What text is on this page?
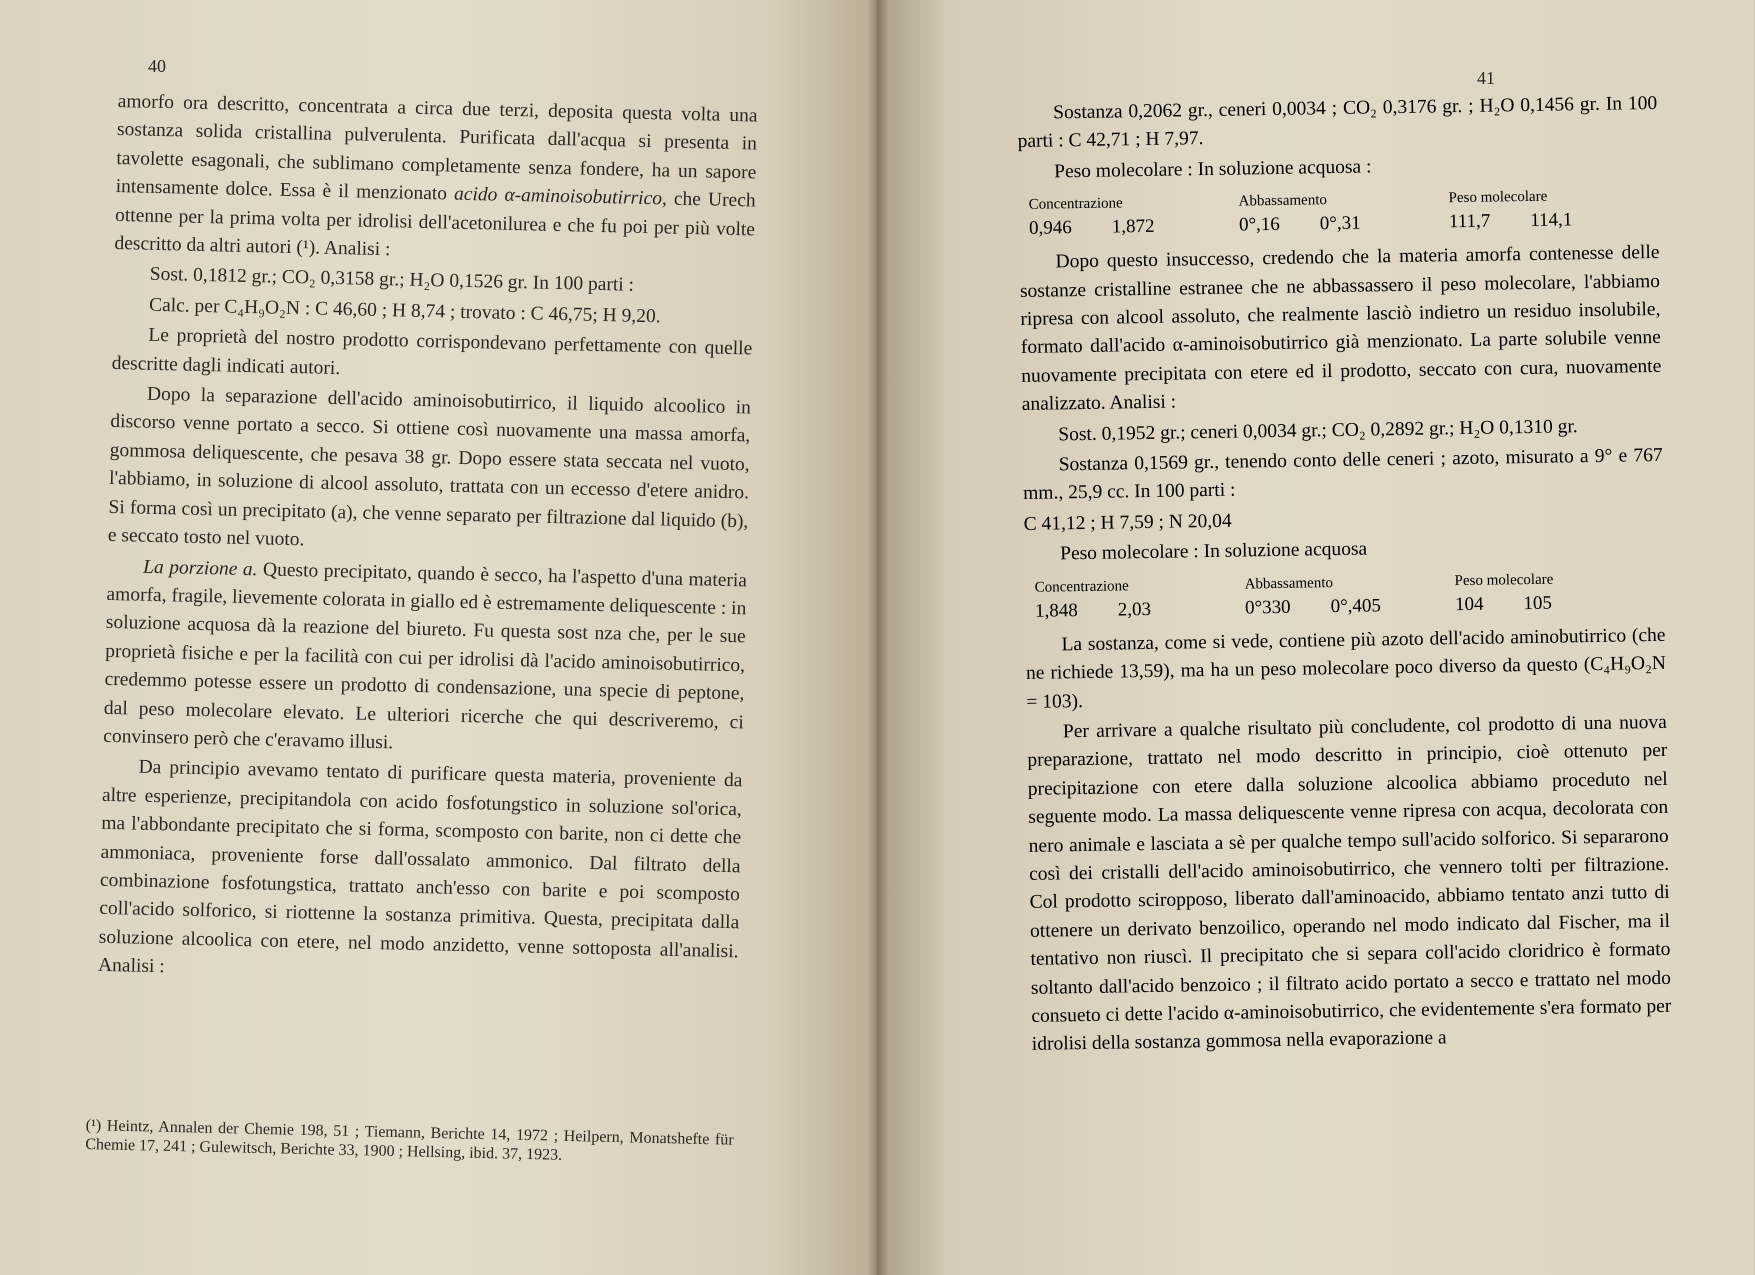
40

amorfo ora descritto, concentrata a circa due terzi, deposita questa volta una sostanza solida cristallina pulverulenta. Purificata dall'acqua si presenta in tavolette esagonali, che sublimano completamente senza fondere, ha un sapore intensamente dolce. Essa è il menzionato acido α-aminoisobutirrico, che Urech ottenne per la prima volta per idrolisi dell'acetonilurea e che fu poi per più volte descritto da altri autori (¹). Analisi :

Sost. 0,1812 gr.; CO₂ 0,3158 gr.; H₂O 0,1526 gr. In 100 parti :

Calc. per C₄H₉O₂N : C 46,60 ; H 8,74 ; trovato : C 46,75; H 9,20.

Le proprietà del nostro prodotto corrispondevano perfettamente con quelle descritte dagli indicati autori.

Dopo la separazione dell'acido aminoisobutirrico, il liquido alcoolico in discorso venne portato a secco. Si ottiene così nuovamente una massa amorfa, gommosa deliquescente, che pesava 38 gr. Dopo essere stata seccata nel vuoto, l'abbiamo, in soluzione di alcool assoluto, trattata con un eccesso d'etere anidro. Si forma così un precipitato (a), che venne separato per filtrazione dal liquido (b), e seccato tosto nel vuoto.

La porzione a. Questo precipitato, quando è secco, ha l'aspetto d'una materia amorfa, fragile, lievemente colorata in giallo ed è estremamente deliquescente : in soluzione acquosa dà la reazione del biureto. Fu questa sost nza che, per le sue proprietà fisiche e per la facilità con cui per idrolisi dà l'acido aminoisobutirrico, credemmo potesse essere un prodotto di condensazione, una specie di peptone, dal peso molecolare elevato. Le ulteriori ricerche che qui descriveremo, ci convinsero però che c'eravamo illusi.

Da principio avevamo tentato di purificare questa materia, proveniente da altre esperienze, precipitandola con acido fosfotungstico in soluzione sol'orica, ma l'abbondante precipitato che si forma, scomposto con barite, non ci dette che ammoniaca, proveniente forse dall'ossalato ammonico. Dal filtrato della combinazione fosfotungstica, trattato anch'esso con barite e poi scomposto coll'acido solforico, si riottenne la sostanza primitiva. Questa, precipitata dalla soluzione alcoolica con etere, nel modo anzidetto, venne sottoposta all'analisi. Analisi :

(¹) Heintz, Annalen der Chemie 198, 51 ; Tiemann, Berichte 14, 1972 ; Heilpern, Monatshefte für Chemie 17, 241 ; Gulewitsch, Berichte 33, 1900 ; Hellsing, ibid. 37, 1923.

41

Sostanza 0,2062 gr., ceneri 0,0034 ; CO₂ 0,3176 gr. ; H₂O 0,1456 gr. In 100 parti : C 42,71 ; H 7,97.

Peso molecolare : In soluzione acquosa :

Concentrazione	Abbassamento	Peso molecolare
0,946 1,872	0°,16 0°,31	111,7 114,1

Dopo questo insuccesso, credendo che la materia amorfa contenesse delle sostanze cristalline estranee che ne abbassassero il peso molecolare, l'abbiamo ripresa con alcool assoluto, che realmente lasciò indietro un residuo insolubile, formato dall'acido α-aminoisobutirrico già menzionato. La parte solubile venne nuovamente precipitata con etere ed il prodotto, seccato con cura, nuovamente analizzato. Analisi :

Sost. 0,1952 gr.; ceneri 0,0034 gr.; CO₂ 0,2892 gr.; H₂O 0,1310 gr.

Sostanza 0,1569 gr., tenendo conto delle ceneri ; azoto, misurato a 9° e 767 mm., 25,9 cc. In 100 parti :

C 41,12 ; H 7,59 ; N 20,04

Peso molecolare : In soluzione acquosa

Concentrazione	Abbassamento	Peso molecolare
1,848 2,03	0°330 0°,405	104 105

La sostanza, come si vede, contiene più azoto dell'acido aminobutirrico (che ne richiede 13,59), ma ha un peso molecolare poco diverso da questo (C₄H₉O₂N = 103).

Per arrivare a qualche risultato più concludente, col prodotto di una nuova preparazione, trattato nel modo descritto in principio, cioè ottenuto per precipitazione con etere dalla soluzione alcoolica abbiamo proceduto nel seguente modo. La massa deliquescente venne ripresa con acqua, decolorata con nero animale e lasciata a sè per qualche tempo sull'acido solforico. Si separarono così dei cristalli dell'acido aminoisobutirrico, che vennero tolti per filtrazione. Col prodotto sciropposo, liberato dall'aminoacido, abbiamo tentato anzi tutto di ottenere un derivato benzoilico, operando nel modo indicato dal Fischer, ma il tentativo non riuscì. Il precipitato che si separa coll'acido cloridrico è formato soltanto dall'acido benzoico ; il filtrato acido portato a secco e trattato nel modo consueto ci dette l'acido α-aminoisobutirrico, che evidentemente s'era formato per idrolisi della sostanza gommosa nella evaporazione a
